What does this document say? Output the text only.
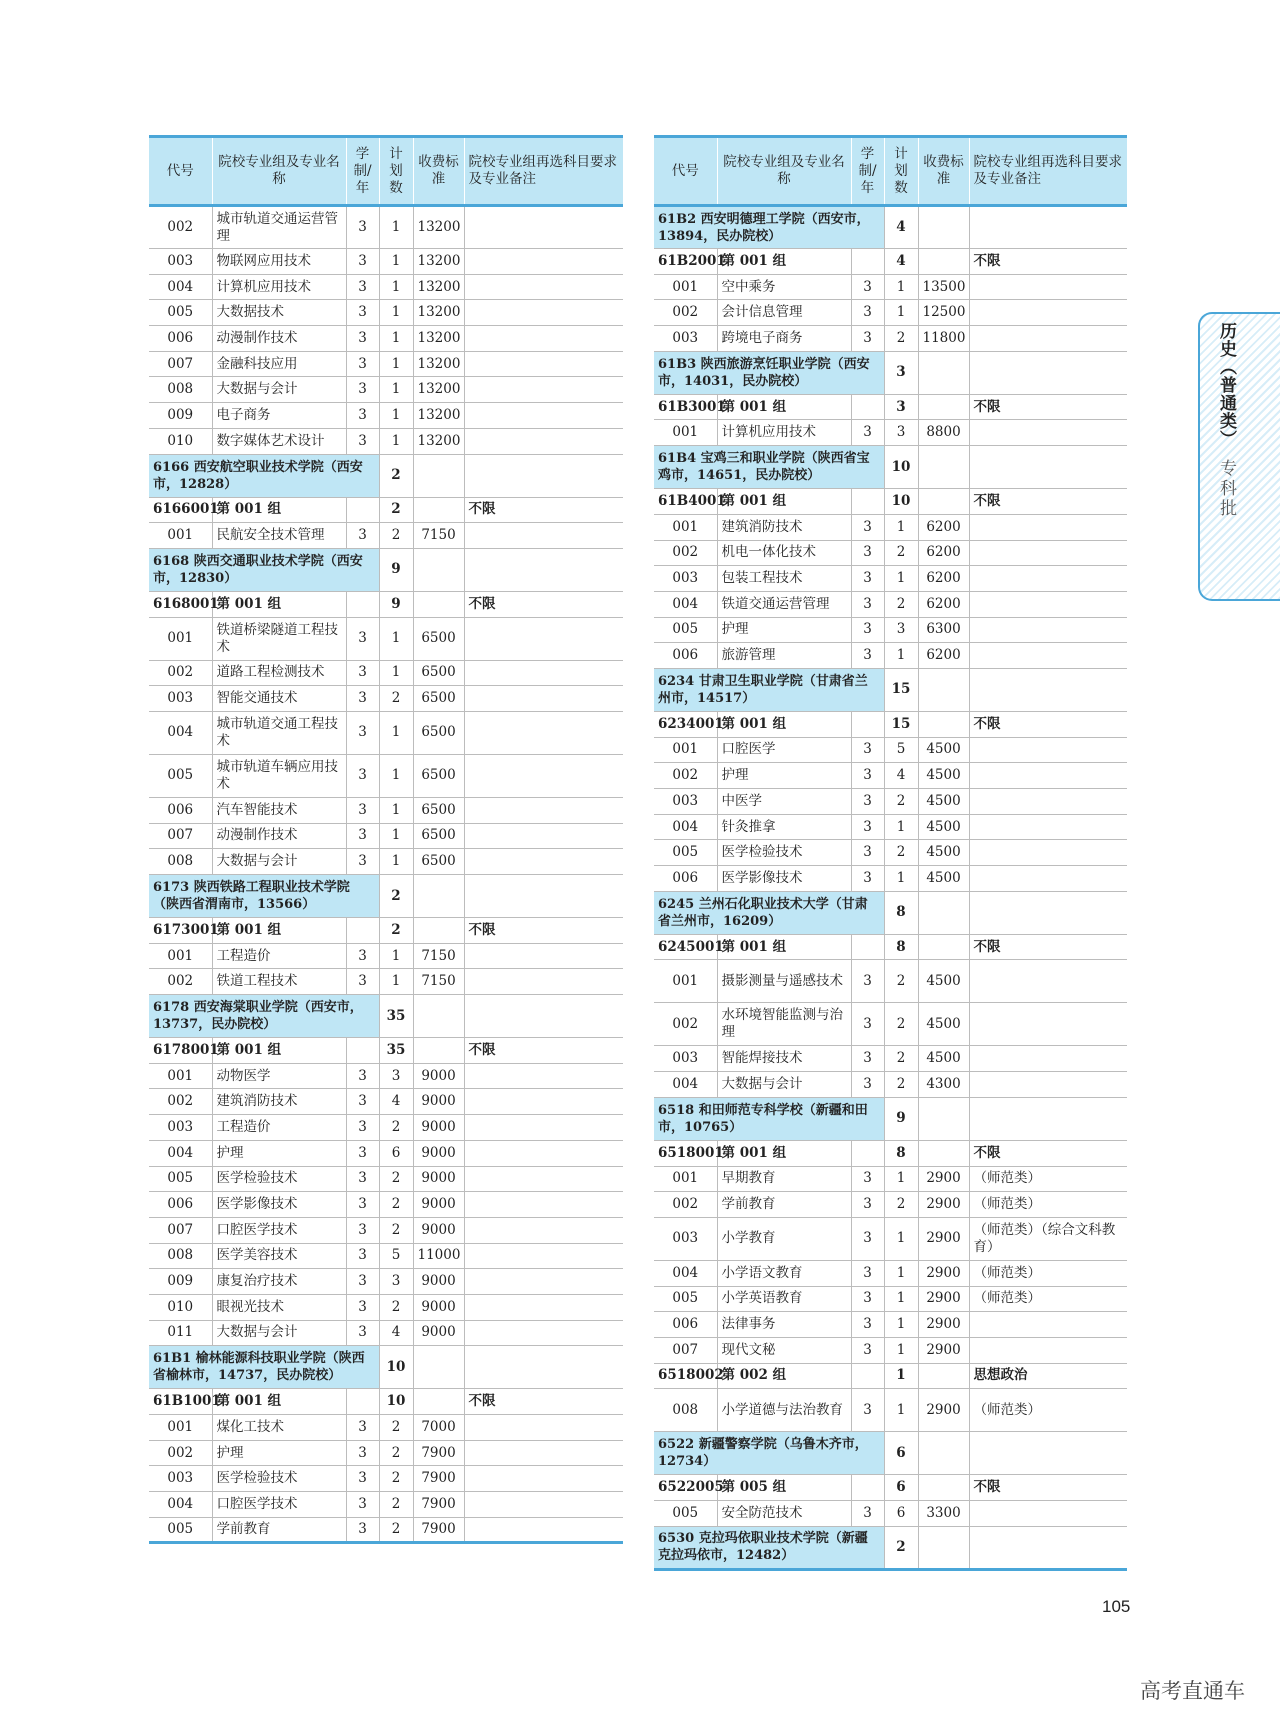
代号	院校专业组及专业名称	学制/年	计划数	收费标准	院校专业组再选科目要求及专业备注
002	城市轨道交通运营管理	3	1	13200	
003	物联网应用技术	3	1	13200	
004	计算机应用技术	3	1	13200	
005	大数据技术	3	1	13200	
006	动漫制作技术	3	1	13200	
007	金融科技应用	3	1	13200	
008	大数据与会计	3	1	13200	
009	电子商务	3	1	13200	
010	数字媒体艺术设计	3	1	13200	
6166 西安航空职业技术学院（西安市，12828）			2		
6166001	第 001 组		2		不限
001	民航安全技术管理	3	2	7150	
6168 陕西交通职业技术学院（西安市，12830）			9		
6168001	第 001 组		9		不限
001	铁道桥梁隧道工程技术	3	1	6500	
002	道路工程检测技术	3	1	6500	
003	智能交通技术	3	2	6500	
004	城市轨道交通工程技术	3	1	6500	
005	城市轨道车辆应用技术	3	1	6500	
006	汽车智能技术	3	1	6500	
007	动漫制作技术	3	1	6500	
008	大数据与会计	3	1	6500	
6173 陕西铁路工程职业技术学院（陕西省渭南市，13566）			2		
6173001	第 001 组		2		不限
001	工程造价	3	1	7150	
002	铁道工程技术	3	1	7150	
6178 西安海棠职业学院（西安市，13737，民办院校）			35		
6178001	第 001 组		35		不限
001	动物医学	3	3	9000	
002	建筑消防技术	3	4	9000	
003	工程造价	3	2	9000	
004	护理	3	6	9000	
005	医学检验技术	3	2	9000	
006	医学影像技术	3	2	9000	
007	口腔医学技术	3	2	9000	
008	医学美容技术	3	5	11000	
009	康复治疗技术	3	3	9000	
010	眼视光技术	3	2	9000	
011	大数据与会计	3	4	9000	
61B1 榆林能源科技职业学院（陕西省榆林市，14737，民办院校）			10		
61B1001	第 001 组		10		不限
001	煤化工技术	3	2	7000	
002	护理	3	2	7900	
003	医学检验技术	3	2	7900	
004	口腔医学技术	3	2	7900	
005	学前教育	3	2	7900	
代号	院校专业组及专业名称	学制/年	计划数	收费标准	院校专业组再选科目要求及专业备注
61B2 西安明德理工学院（西安市，13894，民办院校）			4		
61B2001	第 001 组		4		不限
001	空中乘务	3	1	13500	
002	会计信息管理	3	1	12500	
003	跨境电子商务	3	2	11800	
61B3 陕西旅游烹饪职业学院（西安市，14031，民办院校）			3		
61B3001	第 001 组		3		不限
001	计算机应用技术	3	3	8800	
61B4 宝鸡三和职业学院（陕西省宝鸡市，14651，民办院校）			10		
61B4001	第 001 组		10		不限
001	建筑消防技术	3	1	6200	
002	机电一体化技术	3	2	6200	
003	包装工程技术	3	1	6200	
004	铁道交通运营管理	3	2	6200	
005	护理	3	3	6300	
006	旅游管理	3	1	6200	
6234 甘肃卫生职业学院（甘肃省兰州市，14517）			15		
6234001	第 001 组		15		不限
001	口腔医学	3	5	4500	
002	护理	3	4	4500	
003	中医学	3	2	4500	
004	针灸推拿	3	1	4500	
005	医学检验技术	3	2	4500	
006	医学影像技术	3	1	4500	
6245 兰州石化职业技术大学（甘肃省兰州市，16209）			8		
6245001	第 001 组		8		不限
001	摄影测量与遥感技术	3	2	4500	
002	水环境智能监测与治理	3	2	4500	
003	智能焊接技术	3	2	4500	
004	大数据与会计	3	2	4300	
6518 和田师范专科学校（新疆和田市，10765）			9		
6518001	第 001 组		8		不限
001	早期教育	3	1	2900	（师范类）
002	学前教育	3	2	2900	（师范类）
003	小学教育	3	1	2900	（师范类）（综合文科教育）
004	小学语文教育	3	1	2900	（师范类）
005	小学英语教育	3	1	2900	（师范类）
006	法律事务	3	1	2900	
007	现代文秘	3	1	2900	
6518002	第 002 组		1		思想政治
008	小学道德与法治教育	3	1	2900	（师范类）
6522 新疆警察学院（乌鲁木齐市，12734）			6		
6522005	第 005 组		6		不限
005	安全防范技术	3	6	3300	
6530 克拉玛依职业技术学院（新疆克拉玛依市，12482）			2		
历史（普通类）
专科批
105
高考直通车
